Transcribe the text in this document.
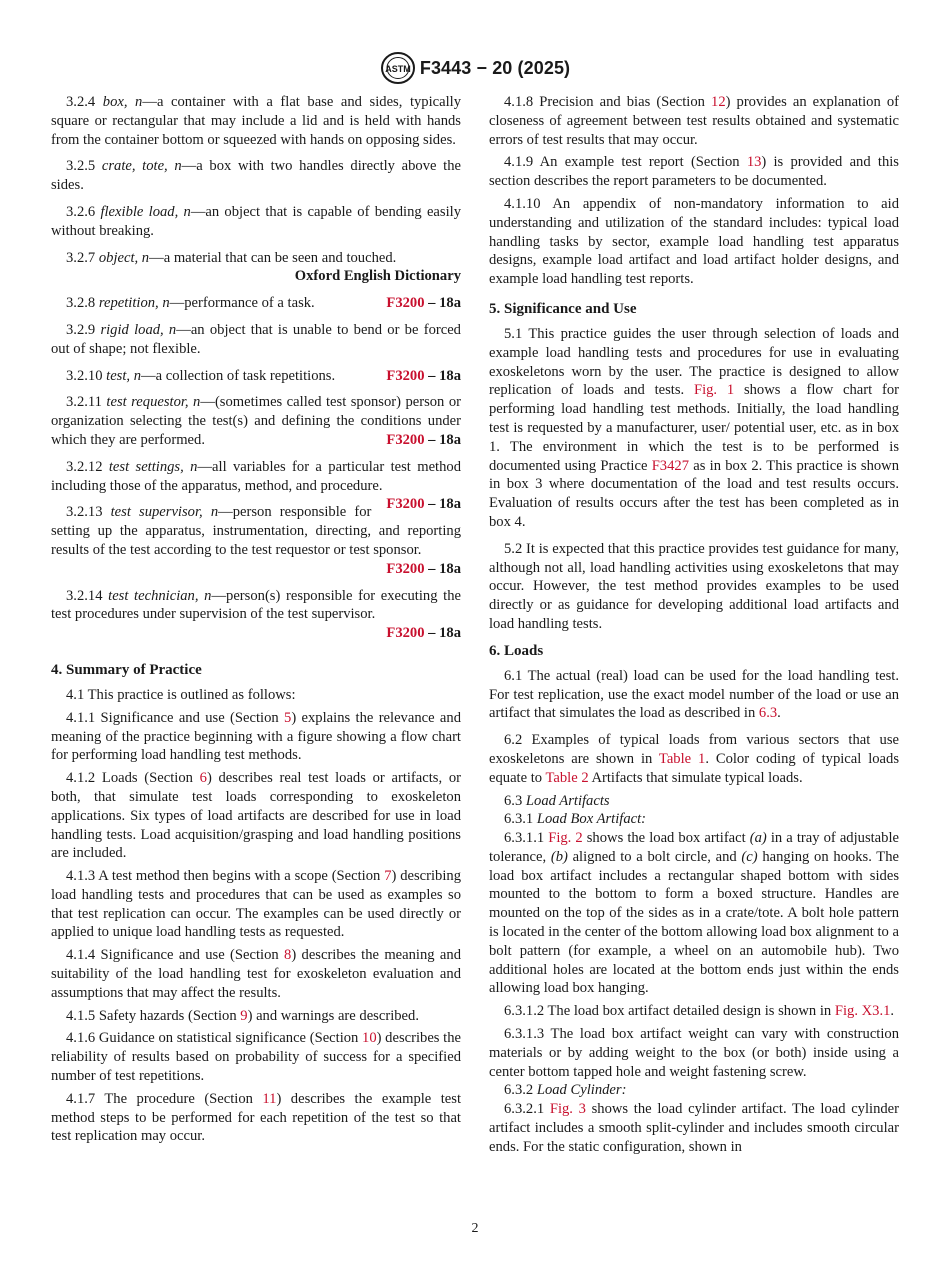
ASTM F3443 − 20 (2025)

3.2.4 box, n—a container with a flat base and sides, typically square or rectangular that may include a lid and is held with hands from the container bottom or squeezed with hands on opposing sides.

3.2.5 crate, tote, n—a box with two handles directly above the sides.

3.2.6 flexible load, n—an object that is capable of bending easily without breaking.

3.2.7 object, n—a material that can be seen and touched.
Oxford English Dictionary

3.2.8 repetition, n—performance of a task.	F3200 – 18a

3.2.9 rigid load, n—an object that is unable to bend or be forced out of shape; not flexible.

3.2.10 test, n—a collection of task repetitions.	F3200 – 18a

3.2.11 test requestor, n—(sometimes called test sponsor) person or organization selecting the test(s) and defining the conditions under which they are performed.	F3200 – 18a

3.2.12 test settings, n—all variables for a particular test method including those of the apparatus, method, and procedure.
F3200 – 18a

3.2.13 test supervisor, n—person responsible for setting up the apparatus, instrumentation, directing, and reporting results of the test according to the test requestor or test sponsor.
F3200 – 18a

3.2.14 test technician, n—person(s) responsible for executing the test procedures under supervision of the test supervisor.
F3200 – 18a

4. Summary of Practice

4.1 This practice is outlined as follows:

4.1.1 Significance and use (Section 5) explains the relevance and meaning of the practice beginning with a figure showing a flow chart for performing load handling test methods.

4.1.2 Loads (Section 6) describes real test loads or artifacts, or both, that simulate test loads corresponding to exoskeleton applications. Six types of load artifacts are described for use in load handling tests. Load acquisition/grasping and load handling positions are included.

4.1.3 A test method then begins with a scope (Section 7) describing load handling tests and procedures that can be used as examples so that test replication can occur. The examples can be used directly or applied to unique load handling tests as requested.

4.1.4 Significance and use (Section 8) describes the meaning and suitability of the load handling test for exoskeleton evaluation and assumptions that may affect the results.

4.1.5 Safety hazards (Section 9) and warnings are described.

4.1.6 Guidance on statistical significance (Section 10) describes the reliability of results based on probability of success for a specified number of test repetitions.

4.1.7 The procedure (Section 11) describes the example test method steps to be performed for each repetition of the test so that test replication may occur.

4.1.8 Precision and bias (Section 12) provides an explanation of closeness of agreement between test results obtained and systematic errors of test results that may occur.

4.1.9 An example test report (Section 13) is provided and this section describes the report parameters to be documented.

4.1.10 An appendix of non-mandatory information to aid understanding and utilization of the standard includes: typical load handling tasks by sector, example load handling test apparatus designs, example load artifact and load artifact holder designs, and example load handling test reports.

5. Significance and Use

5.1 This practice guides the user through selection of loads and example load handling tests and procedures for use in evaluating exoskeletons worn by the user. The practice is designed to allow replication of loads and tests. Fig. 1 shows a flow chart for performing load handling test methods. Initially, the load handling test is requested by a manufacturer, user/ potential user, etc. as in box 1. The environment in which the test is to be performed is documented using Practice F3427 as in box 2. This practice is shown in box 3 where documentation of the load and test results occurs. Evaluation of results occurs after the test has been completed as in box 4.

5.2 It is expected that this practice provides test guidance for many, although not all, load handling activities using exoskeletons that may occur. However, the test method provides examples to be used directly or as guidance for developing additional load artifacts and load handling tests.

6. Loads

6.1 The actual (real) load can be used for the load handling test. For test replication, use the exact model number of the load or use an artifact that simulates the load as described in 6.3.

6.2 Examples of typical loads from various sectors that use exoskeletons are shown in Table 1. Color coding of typical loads equate to Table 2 Artifacts that simulate typical loads.

6.3 Load Artifacts

6.3.1 Load Box Artifact:

6.3.1.1 Fig. 2 shows the load box artifact (a) in a tray of adjustable tolerance, (b) aligned to a bolt circle, and (c) hanging on hooks. The load box artifact includes a rectangular shaped bottom with sides mounted to the bottom to form a boxed structure. Handles are mounted on the top of the sides as in a crate/tote. A bolt hole pattern is located in the center of the bottom allowing load box alignment to a bolt pattern (for example, a wheel on an automobile hub). Two additional holes are located at the bottom ends just within the ends allowing load box hanging.

6.3.1.2 The load box artifact detailed design is shown in Fig. X3.1.

6.3.1.3 The load box artifact weight can vary with construction materials or by adding weight to the box (or both) inside using a center bottom tapped hole and weight fastening screw.

6.3.2 Load Cylinder:

6.3.2.1 Fig. 3 shows the load cylinder artifact. The load cylinder artifact includes a smooth split-cylinder and includes smooth circular ends. For the static configuration, shown in

2
